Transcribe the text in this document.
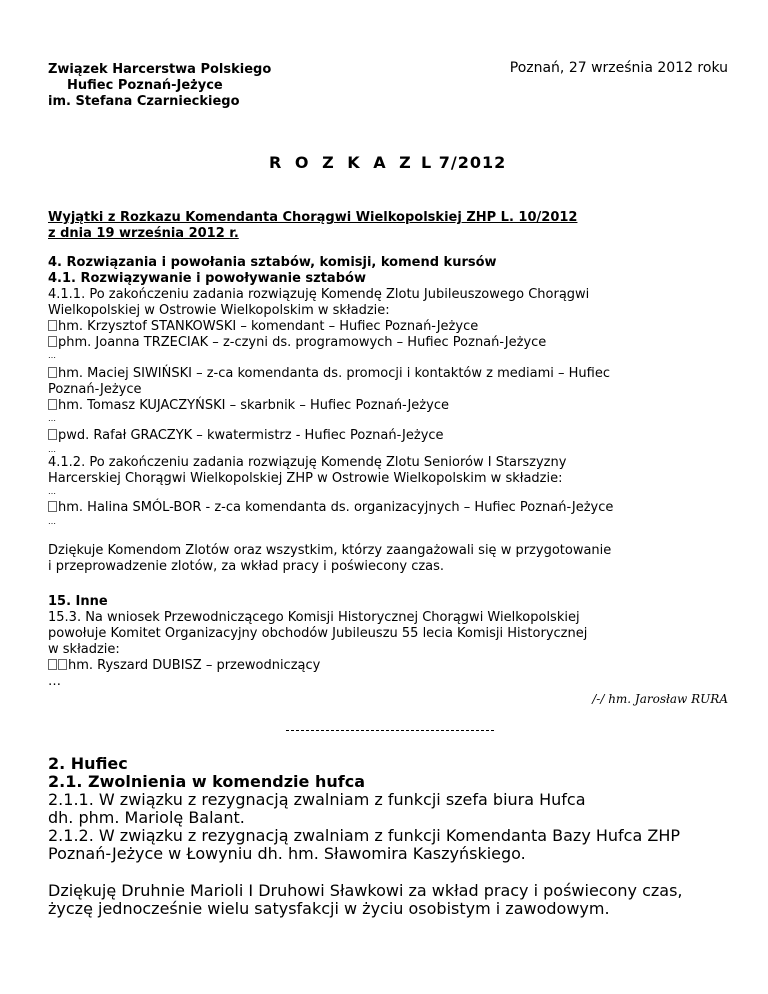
Związek Harcerstwa Polskiego
Hufiec Poznań-Jeżyce
im. Stefana Czarnieckiego
Poznań, 27 września 2012 roku
R O Z K A Z L 7/2012
Wyjątki z Rozkazu Komendanta Chorągwi Wielkopolskiej ZHP L. 10/2012
z dnia 19 września 2012 r.
4. Rozwiązania i powołania sztabów, komisji, komend kursów
4.1. Rozwiązywanie i powoływanie sztabów
4.1.1. Po zakończeniu zadania rozwiązuję Komendę Zlotu Jubileuszowego Chorągwi
Wielkopolskiej w Ostrowie Wielkopolskim w składzie:
hm. Krzysztof STANKOWSKI – komendant – Hufiec Poznań-Jeżyce
phm. Joanna TRZECIAK – z-czyni ds. programowych – Hufiec Poznań-Jeżyce
…
hm. Maciej SIWIŃSKI – z-ca komendanta ds. promocji i kontaktów z mediami – Hufiec
Poznań-Jeżyce
hm. Tomasz KUJACZYŃSKI – skarbnik – Hufiec Poznań-Jeżyce
…
pwd. Rafał GRACZYK – kwatermistrz - Hufiec Poznań-Jeżyce
…
4.1.2. Po zakończeniu zadania rozwiązuję Komendę Zlotu Seniorów I Starszyzny
Harcerskiej Chorągwi Wielkopolskiej ZHP w Ostrowie Wielkopolskim w składzie:
…
hm. Halina SMÓL-BOR - z-ca komendanta ds. organizacyjnych – Hufiec Poznań-Jeżyce
…
Dziękuje Komendom Zlotów oraz wszystkim, którzy zaangażowali się w przygotowanie
i przeprowadzenie zlotów, za wkład pracy i poświecony czas.
15. Inne
15.3. Na wniosek Przewodniczącego Komisji Historycznej Chorągwi Wielkopolskiej
powołuje Komitet Organizacyjny obchodów Jubileuszu 55 lecia Komisji Historycznej
w składzie:
hm. Ryszard DUBISZ – przewodniczący
…
/-/ hm. Jarosław RURA
2. Hufiec
2.1. Zwolnienia w komendzie hufca
2.1.1. W związku z rezygnacją zwalniam z funkcji szefa biura Hufca
dh. phm. Mariolę Balant.
2.1.2. W związku z rezygnacją zwalniam z funkcji Komendanta Bazy Hufca ZHP
Poznań-Jeżyce w Łowyniu dh. hm. Sławomira Kaszyńskiego.
Dziękuję Druhnie Marioli I Druhowi Sławkowi za wkład pracy i poświecony czas,
życzę jednocześnie wielu satysfakcji w życiu osobistym i zawodowym.
